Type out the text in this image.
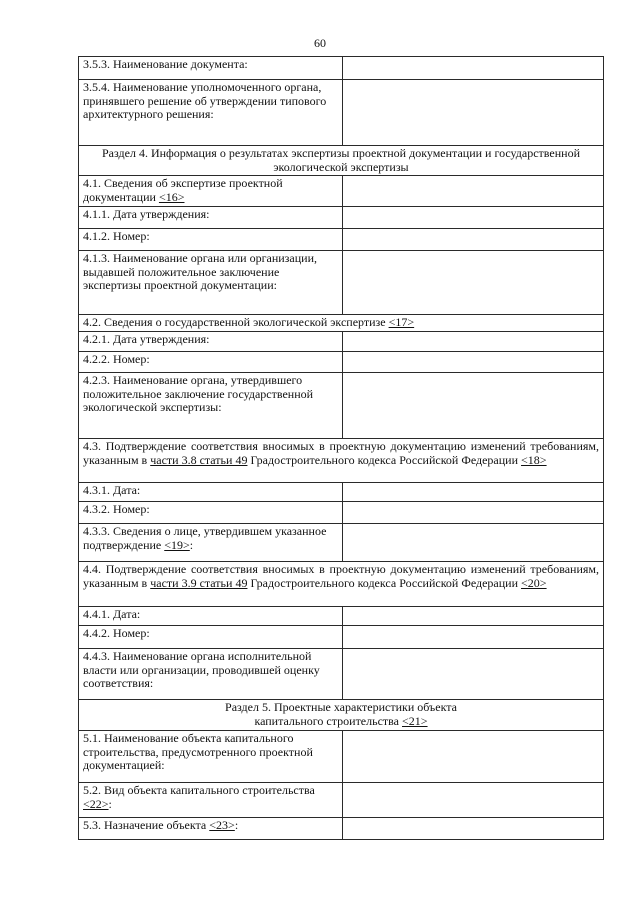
60
3.5.3. Наименование документа:	
3.5.4. Наименование уполномоченного органа, принявшего решение об утверждении типового архитектурного решения:	
Раздел 4. Информация о результатах экспертизы проектной документации и государственной экологической экспертизы	
4.1. Сведения об экспертизе проектной документации <16>	
4.1.1. Дата утверждения:	
4.1.2. Номер:	
4.1.3. Наименование органа или организации, выдавшей положительное заключение экспертизы проектной документации:	
4.2. Сведения о государственной экологической экспертизе <17>	
4.2.1. Дата утверждения:	
4.2.2. Номер:	
4.2.3. Наименование органа, утвердившего положительное заключение государственной экологической экспертизы:	
4.3. Подтверждение соответствия вносимых в проектную документацию изменений требованиям, указанным в части 3.8 статьи 49 Градостроительного кодекса Российской Федерации <18>	
4.3.1. Дата:	
4.3.2. Номер:	
4.3.3. Сведения о лице, утвердившем указанное подтверждение <19>:	
4.4. Подтверждение соответствия вносимых в проектную документацию изменений требованиям, указанным в части 3.9 статьи 49 Градостроительного кодекса Российской Федерации <20>	
4.4.1. Дата:	
4.4.2. Номер:	
4.4.3. Наименование органа исполнительной власти или организации, проводившей оценку соответствия:	
Раздел 5. Проектные характеристики объекта капитального строительства <21>	
5.1. Наименование объекта капитального строительства, предусмотренного проектной документацией:	
5.2. Вид объекта капитального строительства <22>:	
5.3. Назначение объекта <23>:	
